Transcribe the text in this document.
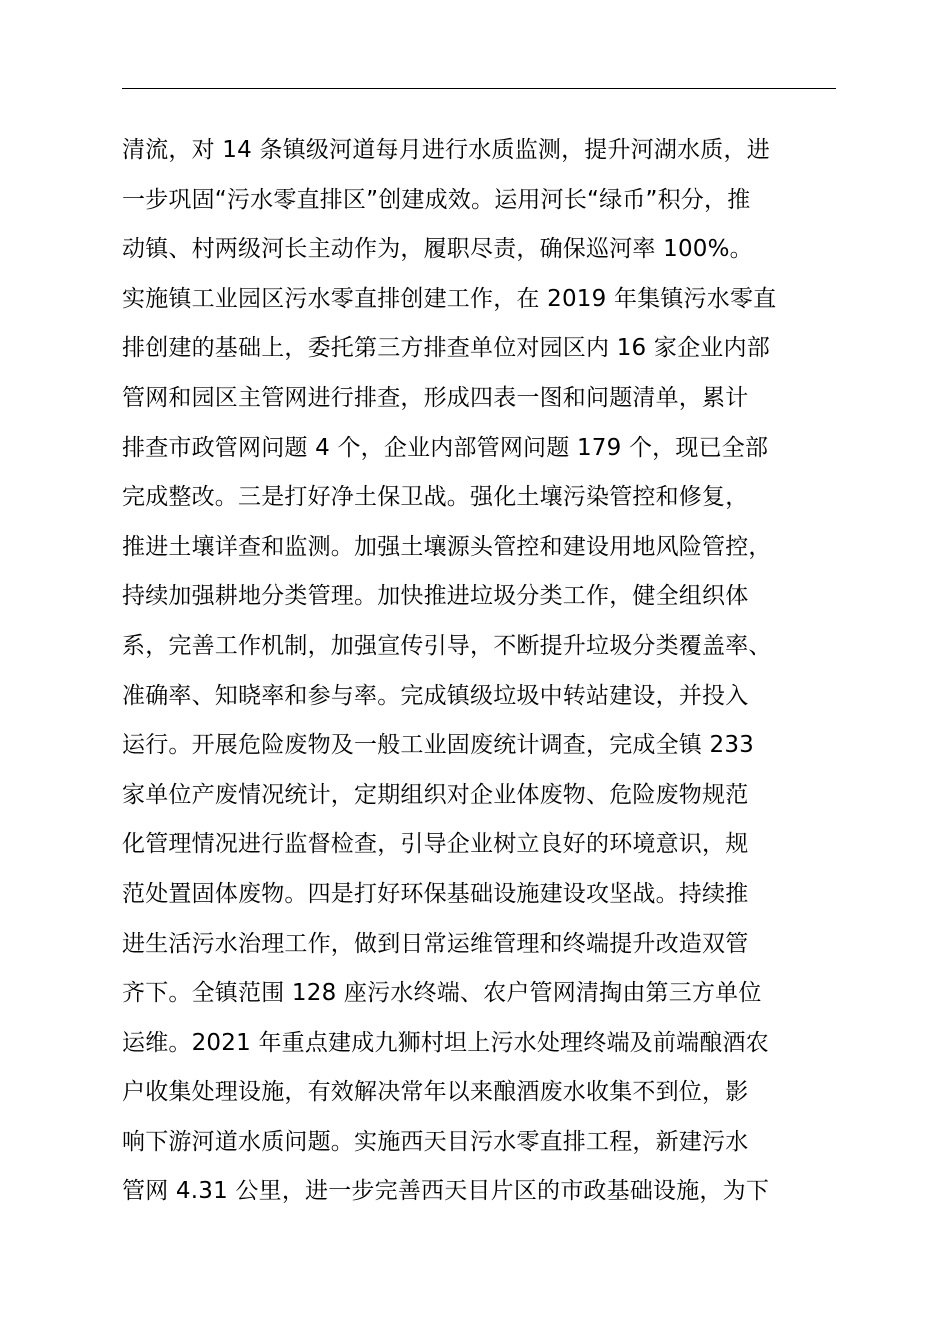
清流，对 14 条镇级河道每月进行水质监测，提升河湖水质，进
一步巩固“污水零直排区”创建成效。运用河长“绿币”积分，推
动镇、村两级河长主动作为，履职尽责，确保巡河率 100%。
实施镇工业园区污水零直排创建工作，在 2019 年集镇污水零直
排创建的基础上，委托第三方排查单位对园区内 16 家企业内部
管网和园区主管网进行排查，形成四表一图和问题清单，累计
排查市政管网问题 4 个，企业内部管网问题 179 个，现已全部
完成整改。三是打好净土保卫战。强化土壤污染管控和修复，
推进土壤详查和监测。加强土壤源头管控和建设用地风险管控，
持续加强耕地分类管理。加快推进垃圾分类工作，健全组织体
系，完善工作机制，加强宣传引导，不断提升垃圾分类覆盖率、
准确率、知晓率和参与率。完成镇级垃圾中转站建设，并投入
运行。开展危险废物及一般工业固废统计调查，完成全镇 233
家单位产废情况统计，定期组织对企业体废物、危险废物规范
化管理情况进行监督检查，引导企业树立良好的环境意识，规
范处置固体废物。四是打好环保基础设施建设攻坚战。持续推
进生活污水治理工作，做到日常运维管理和终端提升改造双管
齐下。全镇范围 128 座污水终端、农户管网清掏由第三方单位
运维。2021 年重点建成九狮村坦上污水处理终端及前端酿酒农
户收集处理设施，有效解决常年以来酿酒废水收集不到位，影
响下游河道水质问题。实施西天目污水零直排工程，新建污水
管网 4.31 公里，进一步完善西天目片区的市政基础设施，为下
